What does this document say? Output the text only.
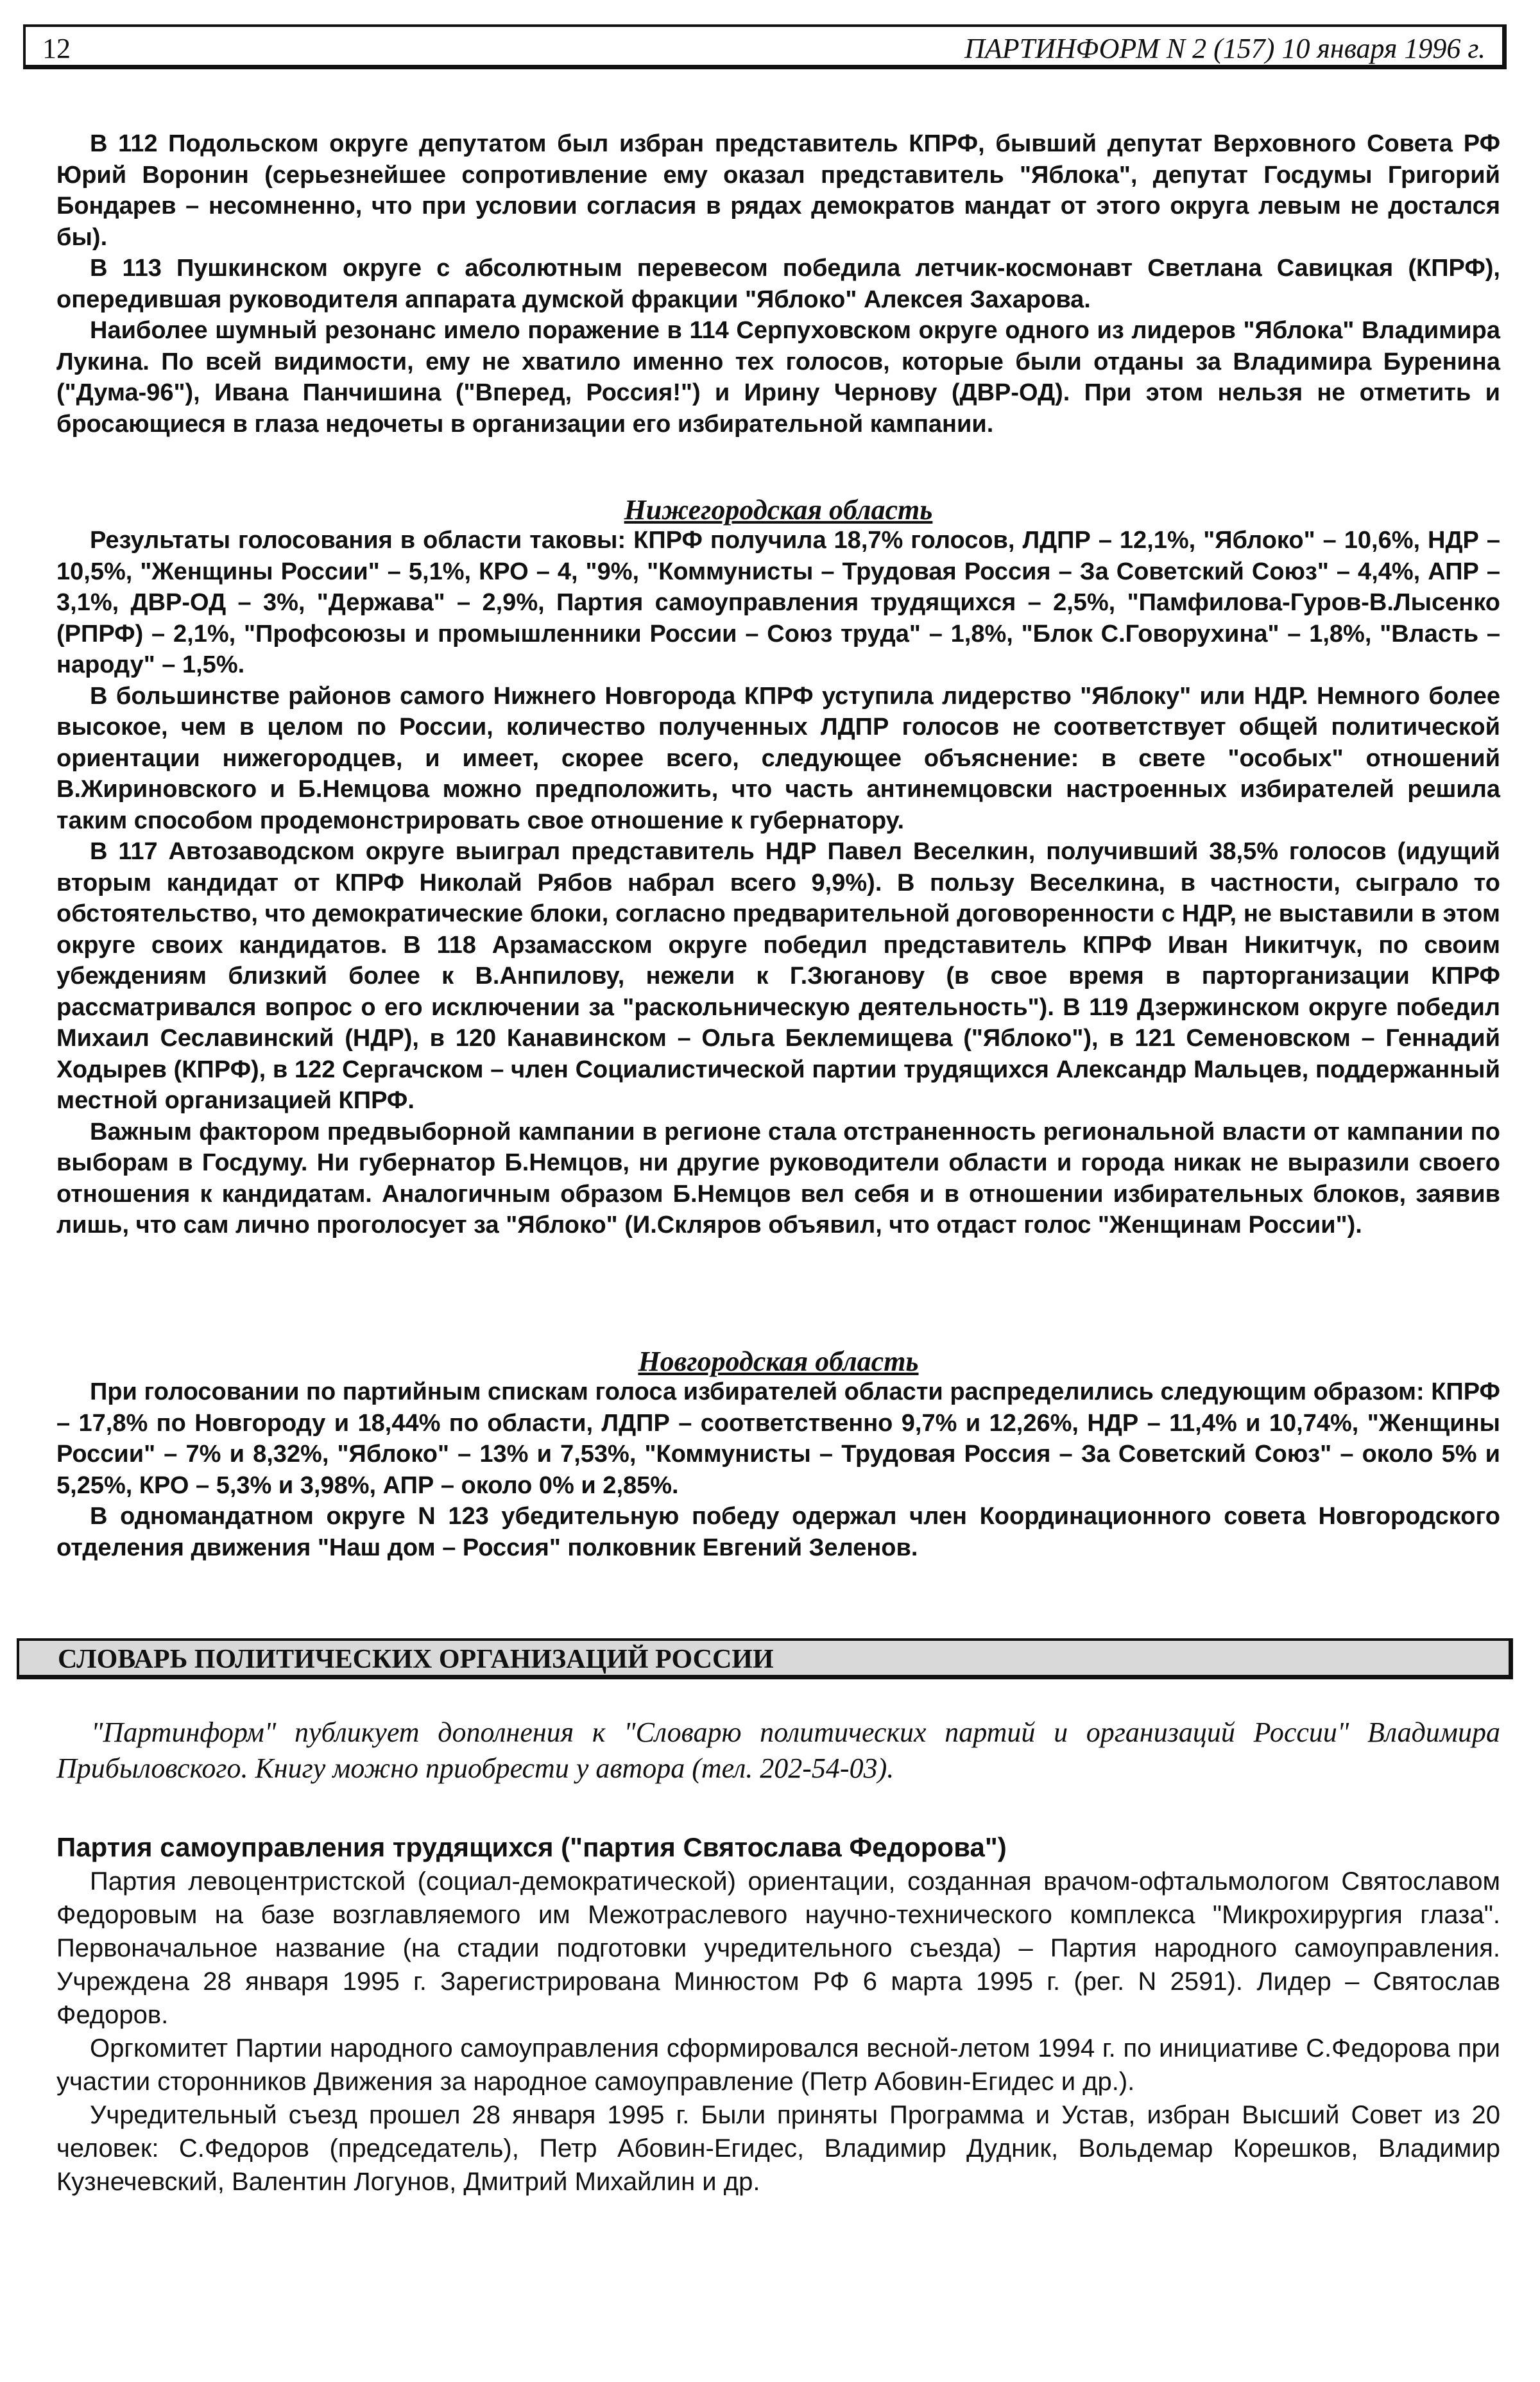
12	ПАРТИНФОРМ N 2 (157) 10 января 1996 г.

В 112 Подольском округе депутатом был избран представитель КПРФ, бывший депутат Верховного Совета РФ Юрий Воронин (серьезнейшее сопротивление ему оказал представитель "Яблока", депутат Госдумы Григорий Бондарев – несомненно, что при условии согласия в рядах демократов мандат от этого округа левым не достался бы).

В 113 Пушкинском округе с абсолютным перевесом победила летчик-космонавт Светлана Савицкая (КПРФ), опередившая руководителя аппарата думской фракции "Яблоко" Алексея Захарова.

Наиболее шумный резонанс имело поражение в 114 Серпуховском округе одного из лидеров "Яблока" Владимира Лукина. По всей видимости, ему не хватило именно тех голосов, которые были отданы за Владимира Буренина ("Дума-96"), Ивана Панчишина ("Вперед, Россия!") и Ирину Чернову (ДВР-ОД). При этом нельзя не отметить и бросающиеся в глаза недочеты в организации его избирательной кампании.

Нижегородская область

Результаты голосования в области таковы: КПРФ получила 18,7% голосов, ЛДПР – 12,1%, "Яблоко" – 10,6%, НДР – 10,5%, "Женщины России" – 5,1%, КРО – 4, "9%, "Коммунисты – Трудовая Россия – За Советский Союз" – 4,4%, АПР – 3,1%, ДВР-ОД – 3%, "Держава" – 2,9%, Партия самоуправления трудящихся – 2,5%, "Памфилова-Гуров-В.Лысенко (РПРФ) – 2,1%, "Профсоюзы и промышленники России – Союз труда" – 1,8%, "Блок С.Говорухина" – 1,8%, "Власть – народу" – 1,5%.

В большинстве районов самого Нижнего Новгорода КПРФ уступила лидерство "Яблоку" или НДР. Немного более высокое, чем в целом по России, количество полученных ЛДПР голосов не соответствует общей политической ориентации нижегородцев, и имеет, скорее всего, следующее объяснение: в свете "особых" отношений В.Жириновского и Б.Немцова можно предположить, что часть антинемцовски настроенных избирателей решила таким способом продемонстрировать свое отношение к губернатору.

В 117 Автозаводском округе выиграл представитель НДР Павел Веселкин, получивший 38,5% голосов (идущий вторым кандидат от КПРФ Николай Рябов набрал всего 9,9%). В пользу Веселкина, в частности, сыграло то обстоятельство, что демократические блоки, согласно предварительной договоренности с НДР, не выставили в этом округе своих кандидатов. В 118 Арзамасском округе победил представитель КПРФ Иван Никитчук, по своим убеждениям близкий более к В.Анпилову, нежели к Г.Зюганову (в свое время в парторганизации КПРФ рассматривался вопрос о его исключении за "раскольническую деятельность"). В 119 Дзержинском округе победил Михаил Сеславинский (НДР), в 120 Канавинском – Ольга Беклемищева ("Яблоко"), в 121 Семеновском – Геннадий Ходырев (КПРФ), в 122 Сергачском – член Социалистической партии трудящихся Александр Мальцев, поддержанный местной организацией КПРФ.

Важным фактором предвыборной кампании в регионе стала отстраненность региональной власти от кампании по выборам в Госдуму. Ни губернатор Б.Немцов, ни другие руководители области и города никак не выразили своего отношения к кандидатам. Аналогичным образом Б.Немцов вел себя и в отношении избирательных блоков, заявив лишь, что сам лично проголосует за "Яблоко" (И.Скляров объявил, что отдаст голос "Женщинам России").

Новгородская область

При голосовании по партийным спискам голоса избирателей области распределились следующим образом: КПРФ – 17,8% по Новгороду и 18,44% по области, ЛДПР – соответственно 9,7% и 12,26%, НДР – 11,4% и 10,74%, "Женщины России" – 7% и 8,32%, "Яблоко" – 13% и 7,53%, "Коммунисты – Трудовая Россия – За Советский Союз" – около 5% и 5,25%, КРО – 5,3% и 3,98%, АПР – около 0% и 2,85%.

В одномандатном округе N 123 убедительную победу одержал член Координационного совета Новгородского отделения движения "Наш дом – Россия" полковник Евгений Зеленов.

СЛОВАРЬ ПОЛИТИЧЕСКИХ ОРГАНИЗАЦИЙ РОССИИ

"Партинформ" публикует дополнения к "Словарю политических партий и организаций России" Владимира Прибыловского. Книгу можно приобрести у автора (тел. 202-54-03).

Партия самоуправления трудящихся ("партия Святослава Федорова")

Партия левоцентристской (социал-демократической) ориентации, созданная врачом-офтальмологом Святославом Федоровым на базе возглавляемого им Межотраслевого научно-технического комплекса "Микрохирургия глаза". Первоначальное название (на стадии подготовки учредительного съезда) – Партия народного самоуправления. Учреждена 28 января 1995 г. Зарегистрирована Минюстом РФ 6 марта 1995 г. (рег. N 2591). Лидер – Святослав Федоров.

Оргкомитет Партии народного самоуправления сформировался весной-летом 1994 г. по инициативе С.Федорова при участии сторонников Движения за народное самоуправление (Петр Абовин-Егидес и др.).

Учредительный съезд прошел 28 января 1995 г. Были приняты Программа и Устав, избран Высший Совет из 20 человек: С.Федоров (председатель), Петр Абовин-Егидес, Владимир Дудник, Вольдемар Корешков, Владимир Кузнечевский, Валентин Логунов, Дмитрий Михайлин и др.
